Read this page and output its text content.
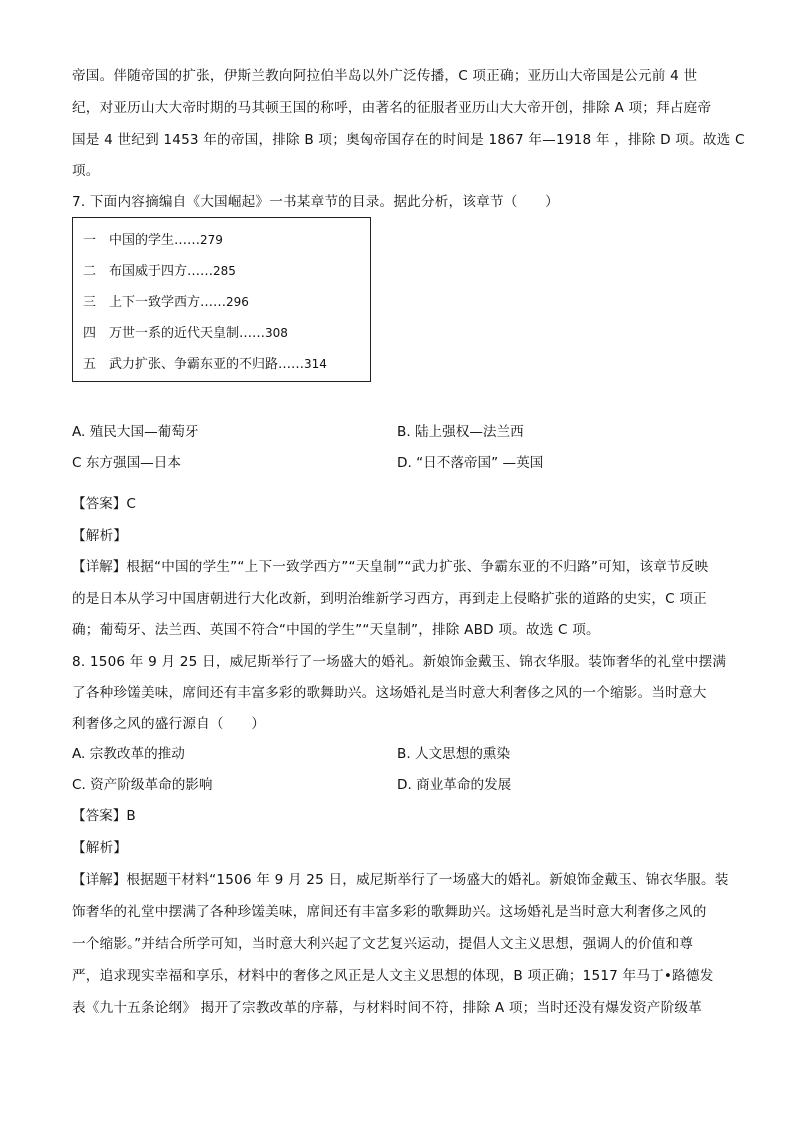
帝国。伴随帝国的扩张，伊斯兰教向阿拉伯半岛以外广泛传播，C 项正确；亚历山大帝国是公元前 4 世
纪，对亚历山大大帝时期的马其顿王国的称呼，由著名的征服者亚历山大大帝开创，排除 A 项；拜占庭帝
国是 4 世纪到 1453 年的帝国，排除 B 项；奥匈帝国存在的时间是 1867 年—1918 年 ，排除 D 项。故选 C
项。
7. 下面内容摘编自《大国崛起》一书某章节的目录。据此分析，该章节（　　）
一 中国的学生……279
二 布国威于四方……285
三 上下一致学西方……296
四 万世一系的近代天皇制……308
五 武力扩张、争霸东亚的不归路……314
A. 殖民大国—葡萄牙	B. 陆上强权—法兰西
C 东方强国—日本	D. “日不落帝国” —英国
【答案】C
【解析】
【详解】根据“中国的学生”“上下一致学西方”“天皇制”“武力扩张、争霸东亚的不归路”可知，该章节反映
的是日本从学习中国唐朝进行大化改新，到明治维新学习西方，再到走上侵略扩张的道路的史实，C 项正
确；葡萄牙、法兰西、英国不符合“中国的学生”“天皇制”，排除 ABD 项。故选 C 项。
8. 1506 年 9 月 25 日，威尼斯举行了一场盛大的婚礼。新娘饰金戴玉、锦衣华服。装饰奢华的礼堂中摆满
了各种珍馐美味，席间还有丰富多彩的歌舞助兴。这场婚礼是当时意大利奢侈之风的一个缩影。当时意大
利奢侈之风的盛行源自（　　）
A. 宗教改革的推动	B. 人文思想的熏染
C. 资产阶级革命的影响	D. 商业革命的发展
【答案】B
【解析】
【详解】根据题干材料“1506 年 9 月 25 日，威尼斯举行了一场盛大的婚礼。新娘饰金戴玉、锦衣华服。装
饰奢华的礼堂中摆满了各种珍馐美味，席间还有丰富多彩的歌舞助兴。这场婚礼是当时意大利奢侈之风的
一个缩影。”并结合所学可知，当时意大利兴起了文艺复兴运动，提倡人文主义思想，强调人的价值和尊
严，追求现实幸福和享乐，材料中的奢侈之风正是人文主义思想的体现，B 项正确；1517 年马丁•路德发
表《九十五条论纲》 揭开了宗教改革的序幕，与材料时间不符，排除 A 项；当时还没有爆发资产阶级革
